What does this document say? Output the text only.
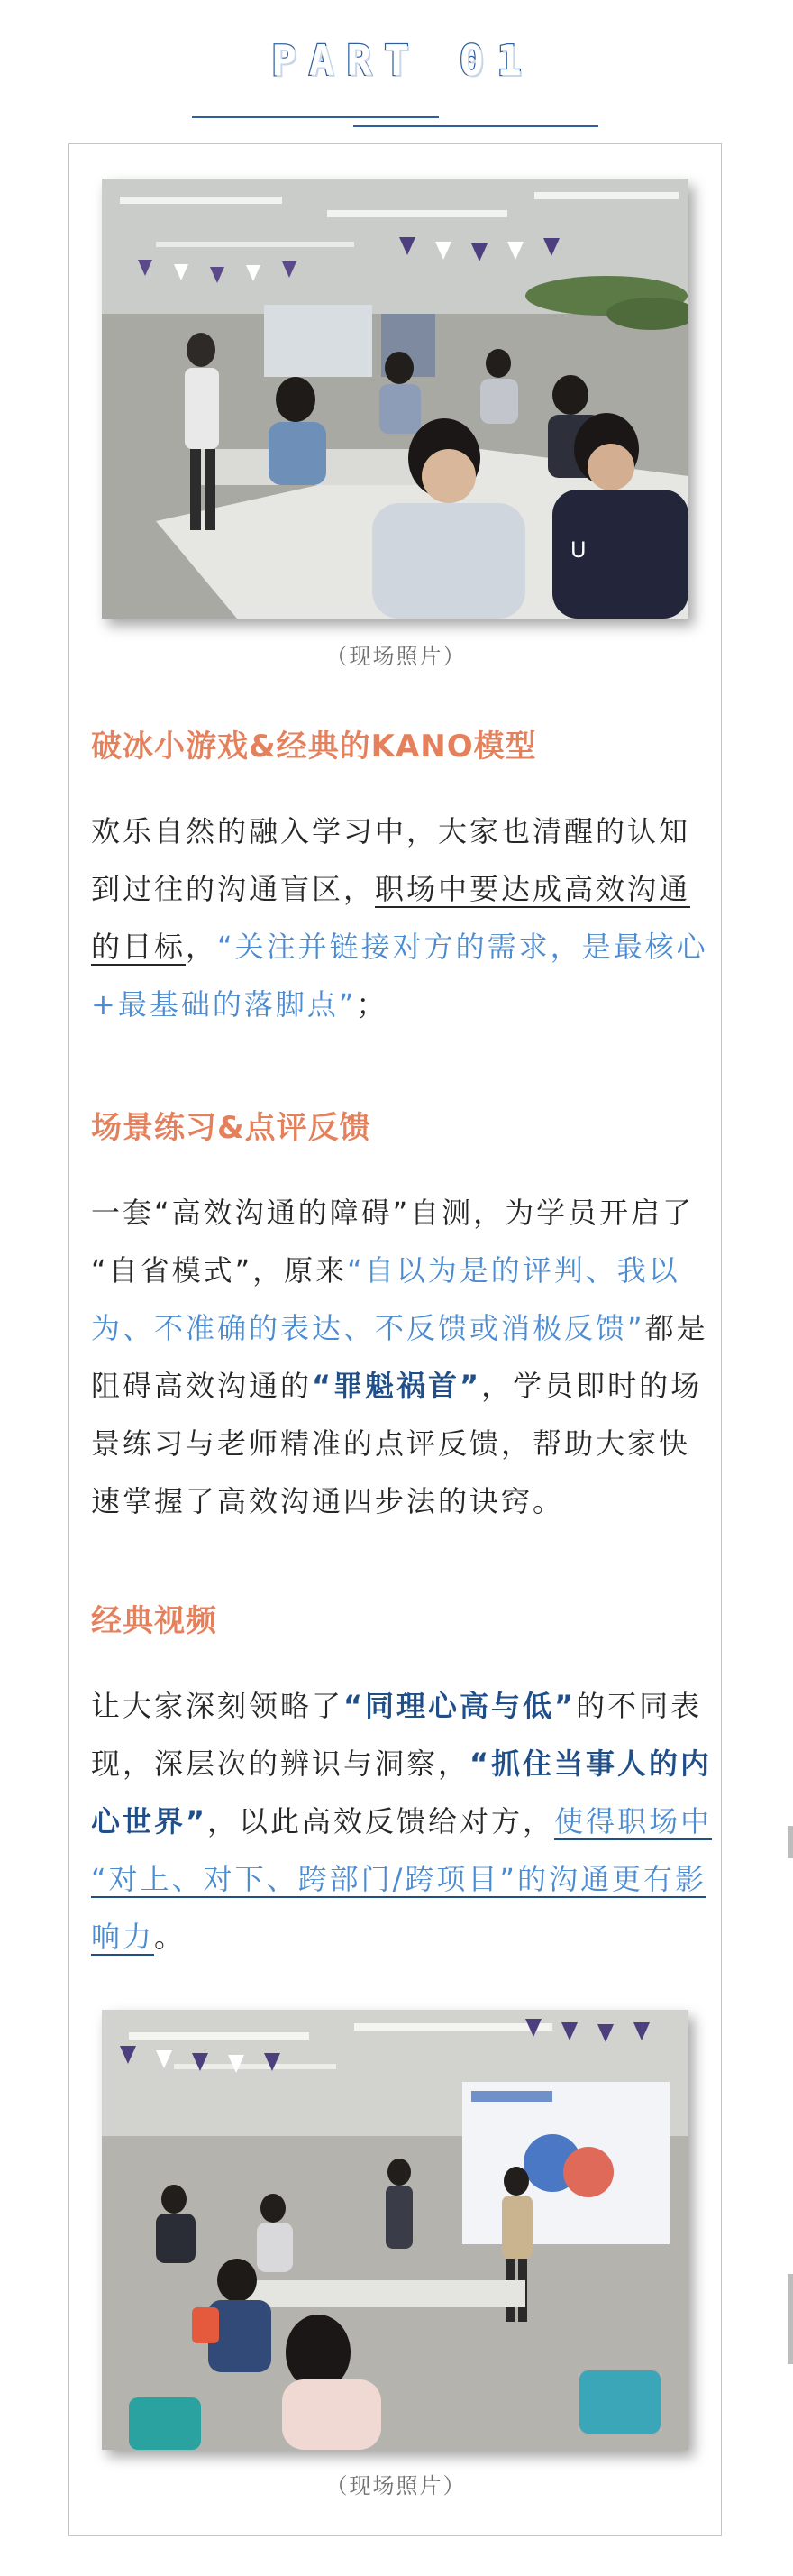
PART 01
U
（现场照片）
破冰小游戏&经典的KANO模型
欢乐自然的融入学习中，大家也清醒的认知
到过往的沟通盲区，职场中要达成高效沟通
的目标，“关注并链接对方的需求，是最核心
+最基础的落脚点”；
场景练习&点评反馈
一套“高效沟通的障碍”自测，为学员开启了
“自省模式”，原来“自以为是的评判、我以
为、不准确的表达、不反馈或消极反馈”都是
阻碍高效沟通的“罪魁祸首”，学员即时的场
景练习与老师精准的点评反馈，帮助大家快
速掌握了高效沟通四步法的诀窍。
经典视频
让大家深刻领略了“同理心高与低”的不同表
现，深层次的辨识与洞察，“抓住当事人的内
心世界”，以此高效反馈给对方，使得职场中
“对上、对下、跨部门/跨项目”的沟通更有影
响力。
（现场照片）
